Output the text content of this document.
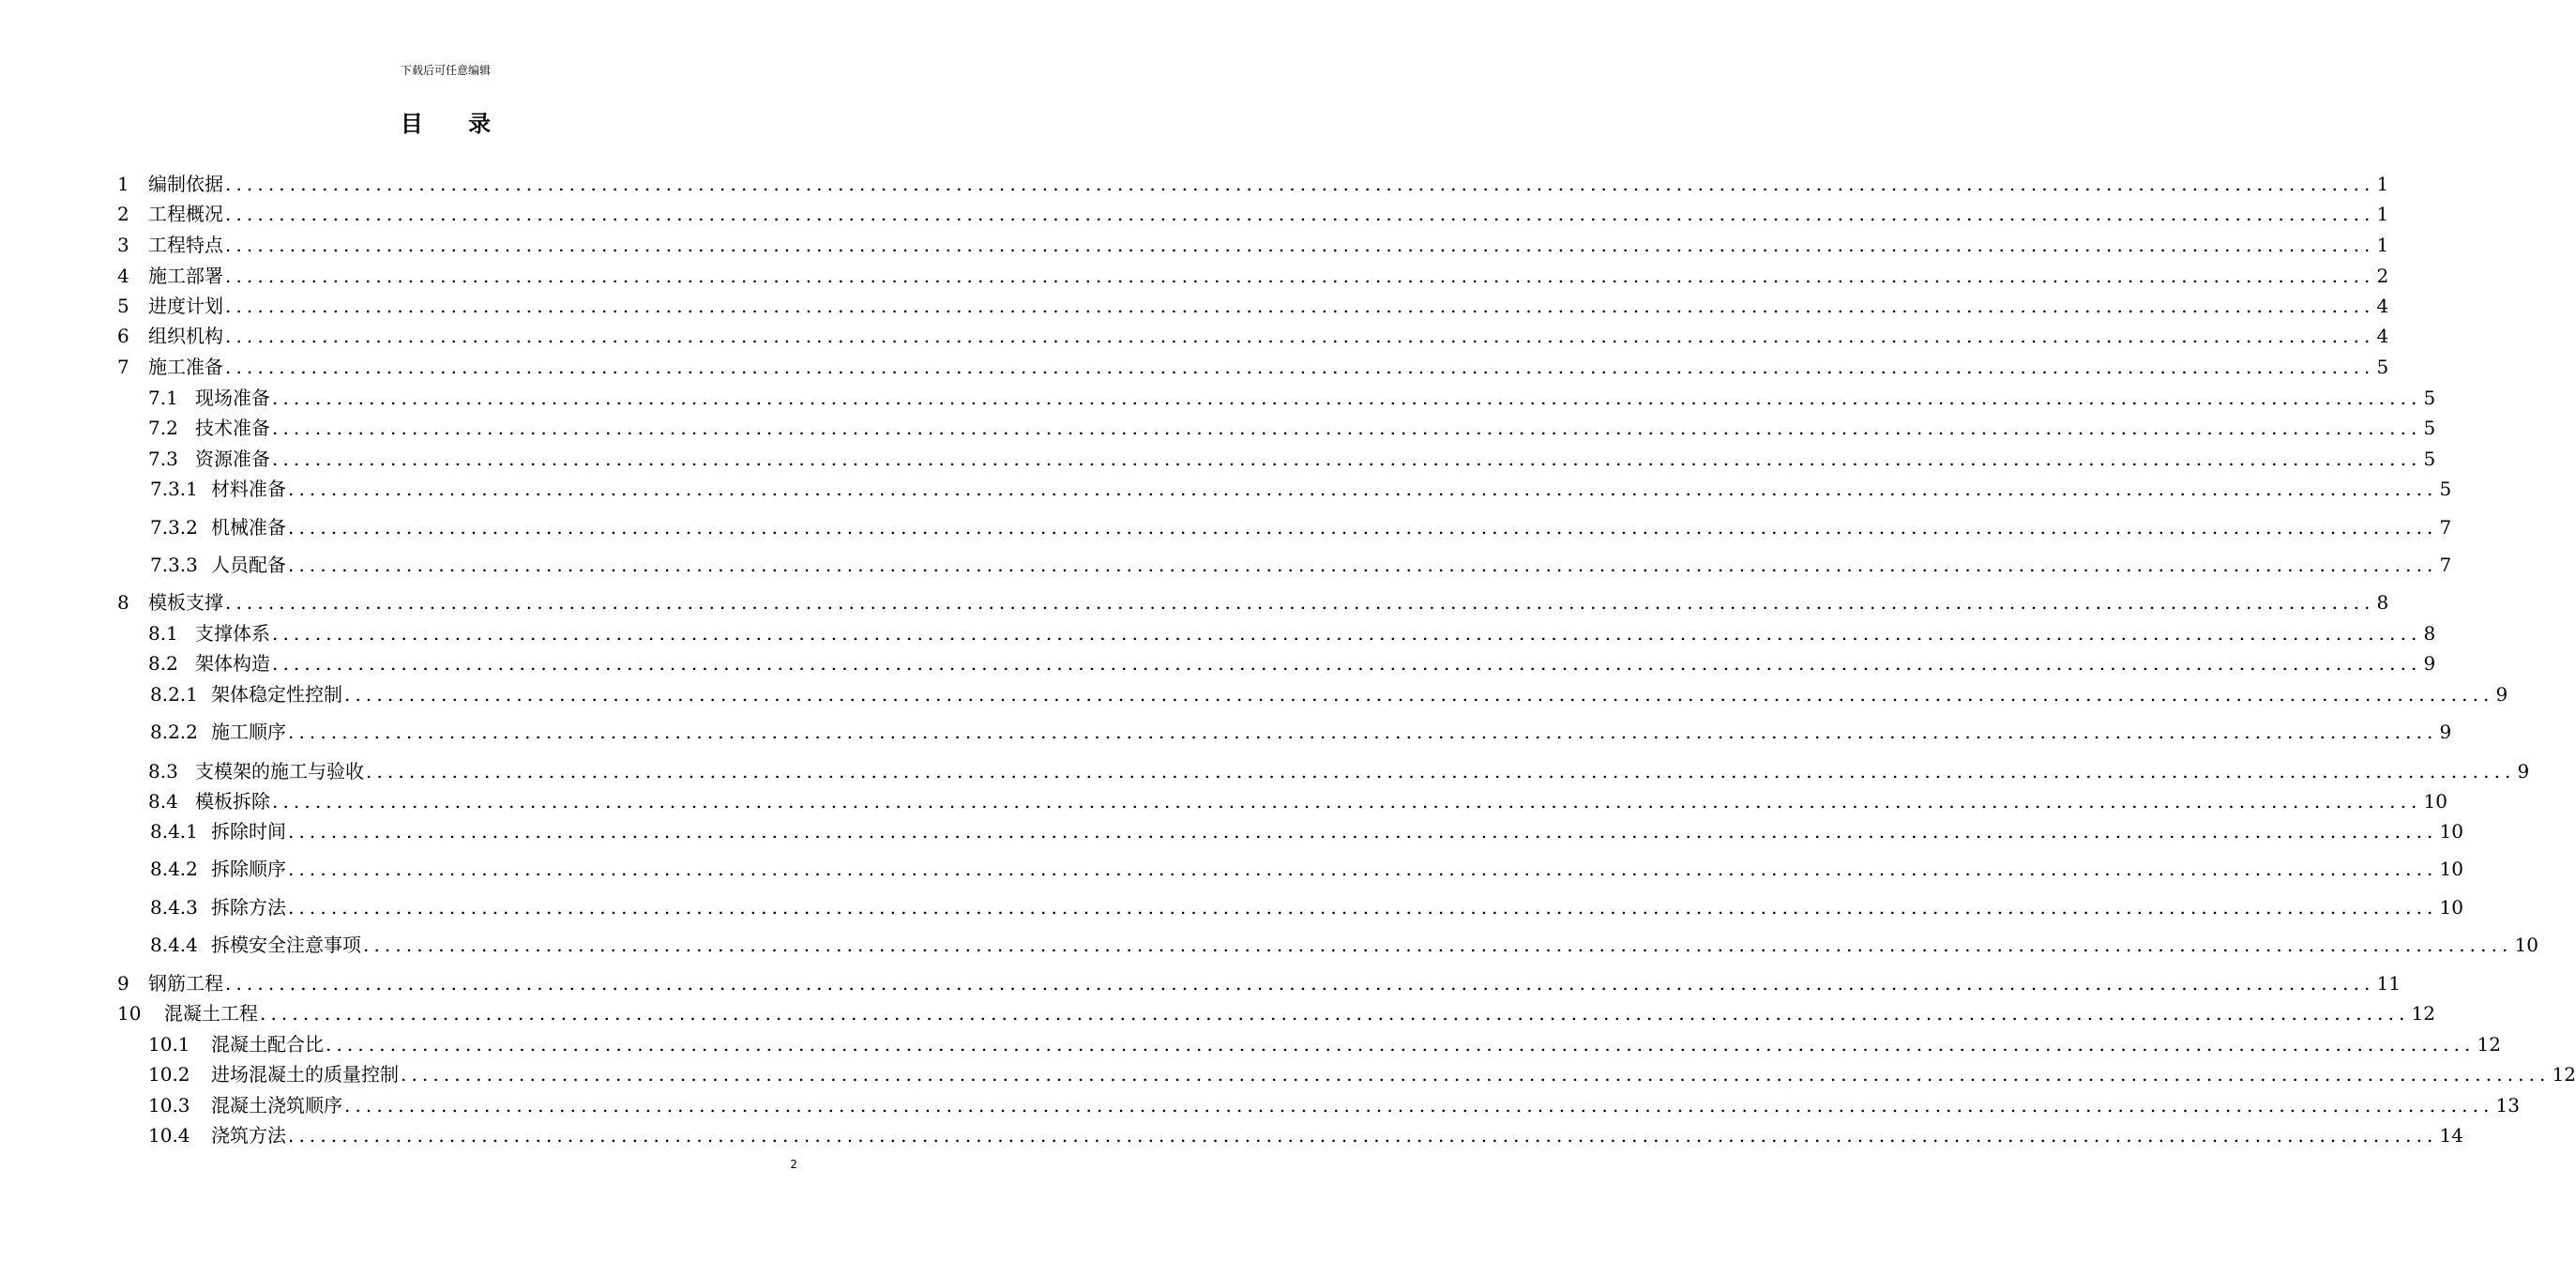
下载后可任意编辑
目 录
1	编制依据 ........................................................................................................................................................................................................ 1
2	工程概况 ........................................................................................................................................................................................................ 1
3	工程特点 ........................................................................................................................................................................................................ 1
4	施工部署 ........................................................................................................................................................................................................ 2
5	进度计划 ........................................................................................................................................................................................................ 4
6	组织机构 ........................................................................................................................................................................................................ 4
7	施工准备 ........................................................................................................................................................................................................ 5
7.1 现场准备 ........................................................................................................................................................................................................ 5
7.2 技术准备 ........................................................................................................................................................................................................ 5
7.3 资源准备 ........................................................................................................................................................................................................ 5
7.3.1 材料准备 ........................................................................................................................................................................................................ 5
7.3.2 机械准备 ........................................................................................................................................................................................................ 7
7.3.3 人员配备 ........................................................................................................................................................................................................ 7
8	模板支撑 ........................................................................................................................................................................................................ 8
8.1 支撑体系 ........................................................................................................................................................................................................ 8
8.2 架体构造 ........................................................................................................................................................................................................ 9
8.2.1 架体稳定性控制 ........................................................................................................................................................................................................ 9
8.2.2 施工顺序 ........................................................................................................................................................................................................ 9
8.3 支模架的施工与验收 ........................................................................................................................................................................................................ 9
8.4 模板拆除 ........................................................................................................................................................................................................ 10
8.4.1 拆除时间 ........................................................................................................................................................................................................ 10
8.4.2 拆除顺序 ........................................................................................................................................................................................................ 10
8.4.3 拆除方法 ........................................................................................................................................................................................................ 10
8.4.4 拆模安全注意事项 ........................................................................................................................................................................................................ 10
9	钢筋工程 ........................................................................................................................................................................................................ 11
10	混凝土工程 ........................................................................................................................................................................................................ 12
10.1	混凝土配合比 ........................................................................................................................................................................................................ 12
10.2	进场混凝土的质量控制 ........................................................................................................................................................................................................ 12
10.3	混凝土浇筑顺序 ........................................................................................................................................................................................................ 13
10.4	浇筑方法 ........................................................................................................................................................................................................ 14
2
